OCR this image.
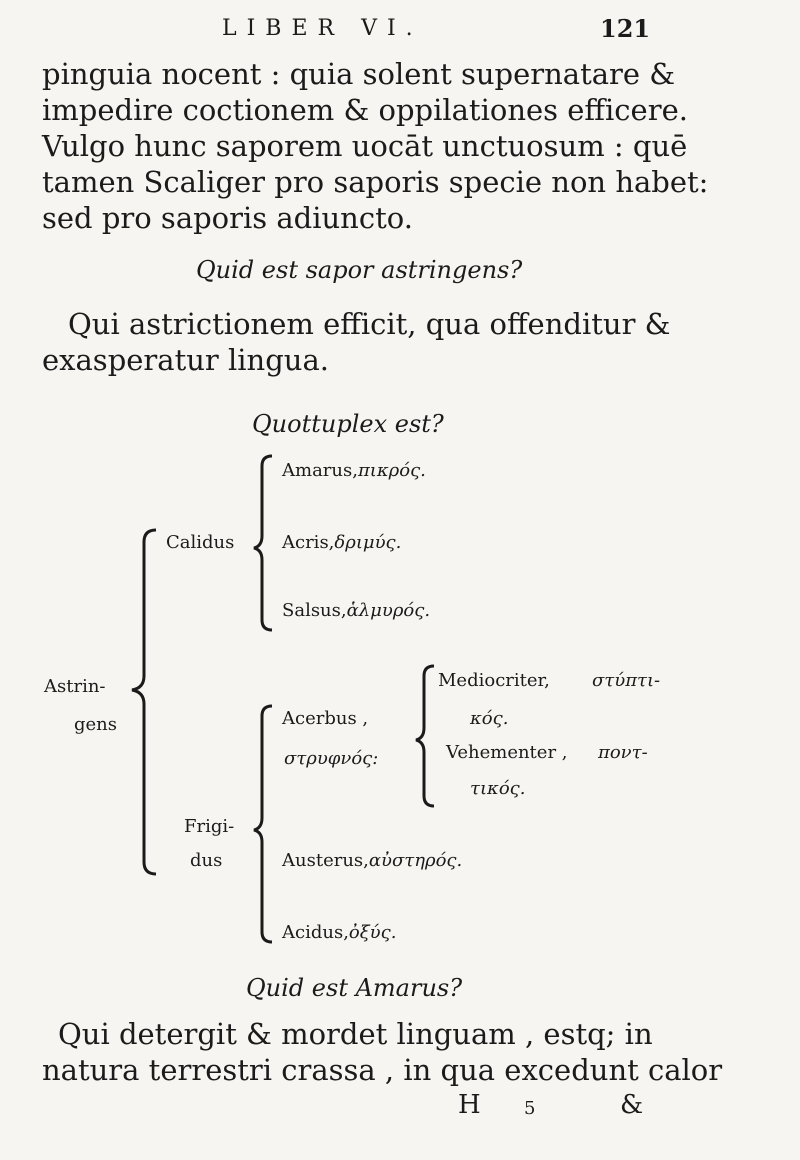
LIBER VI.	121
pinguia nocent : quia solent supernatare &
impedire coctionem & oppilationes efficere.
Vulgo hunc saporem uocāt unctuosum : quē
tamen Scaliger pro saporis specie non habet:
sed pro saporis adiuncto.
Quid est sapor astringens?
Qui astrictionem efficit, qua offenditur &
exasperatur lingua.
Quottuplex est?
Astrin-
gens
Calidus
Amarus,πικρός.
Acris,δριμύς.
Salsus,ἁλμυρός.
Frigi-
dus
Acerbus ,
στρυφνός:
Mediocriter, στύπτι-
κός.
Vehementer , ποντ-
τικός.
Austerus,αὐστηρός.
Acidus,ὀξύς.
Quid est Amarus?
Qui detergit & mordet linguam , estq; in
natura terrestri crassa , in qua excedunt calor
H 5	&
